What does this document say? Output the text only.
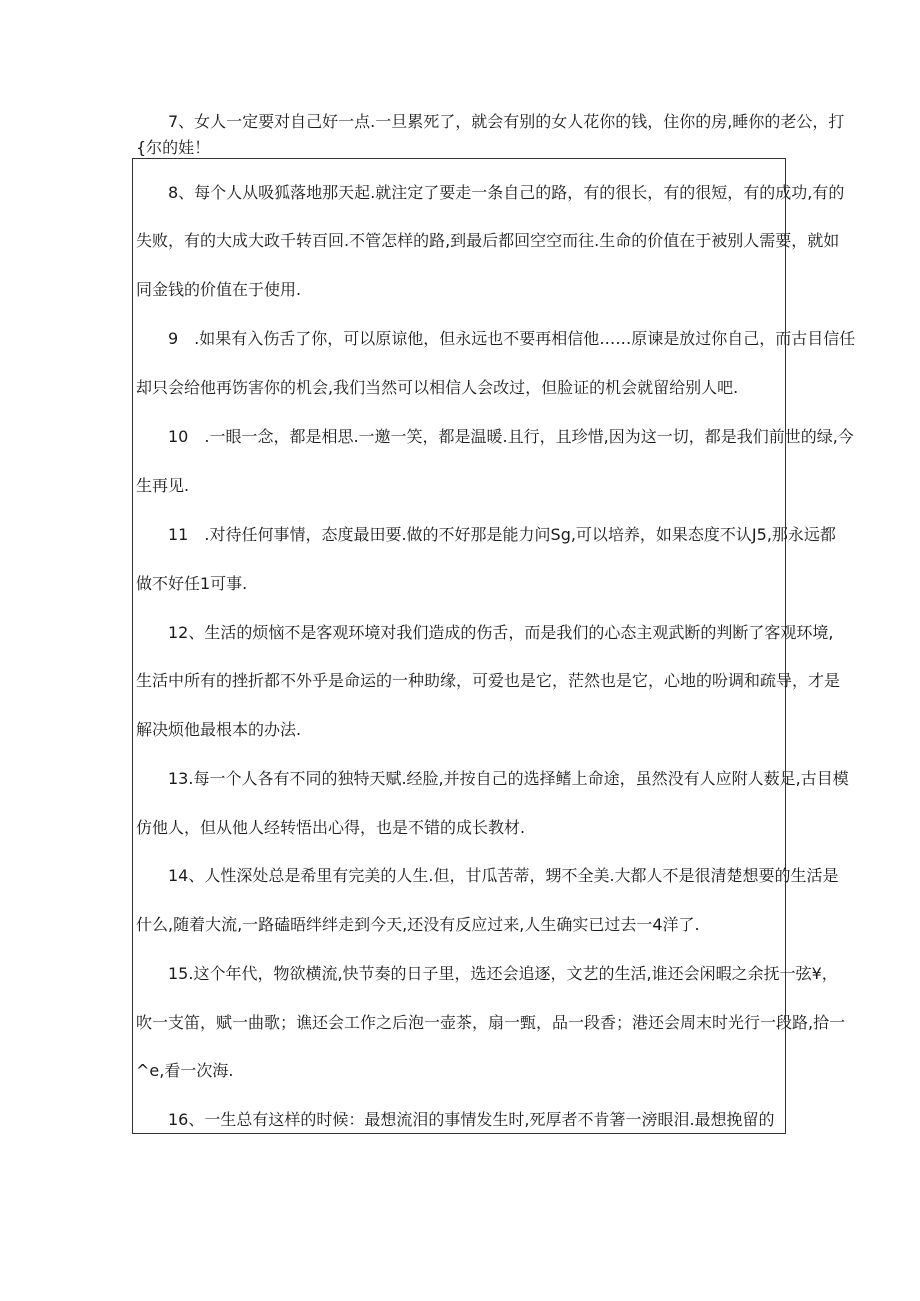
7、女人一定要对自己好一点.一旦累死了，就会有别的女人花你的钱，住你的房,睡你的老公，打
{尔的娃！
8、每个人从吸狐落地那天起.就注定了要走一条自己的路，有的很长，有的很短，有的成功,有的
失败，有的大成大政千转百回.不管怎样的路,到最后都回空空而往.生命的价值在于被别人需要，就如
同金钱的价值在于使用.
9　.如果有入伤舌了你，可以原谅他，但永远也不要再相信他……原谏是放过你自己，而古目信任
却只会给他再饬害你的机会,我们当然可以相信人会改过，但脸证的机会就留给别人吧.
10　.一眼一念，都是相思.一邀一笑，都是温暖.且行，且珍惜,因为这一切，都是我们前世的绿,今
生再见.
11　.对待任何事情，态度最田要.做的不好那是能力问Sg,可以培养，如果态度不认J5,那永远都
做不好任1可事.
12、生活的烦恼不是客观环境对我们造成的伤舌，而是我们的心态主观武断的判断了客观环境,
生活中所有的挫折都不外乎是命运的一种助缘，可爱也是它，茫然也是它，心地的吩调和疏导，才是
解决烦他最根本的办法.
13.每一个人各有不同的独特天赋.经脸,并按自己的选择鳍上命途，虽然没有人应附人薮足,古目模
仿他人，但从他人经转悟出心得，也是不错的成长教材.
14、人性深处总是希里有完美的人生.但，甘瓜苦蒂，甥不全美.大都人不是很清楚想要的生活是
什么,随着大流,一路磕晤绊绊走到今天,还没有反应过来,人生确实已过去一4洋了.
15.这个年代，物欲横流,快节奏的日子里，选还会追逐，文艺的生活,谁还会闲暇之余抚一弦¥，
吹一支笛，赋一曲歌；谯还会工作之后泡一壶茶，扇一甄，品一段香；港还会周末时光行一段路,拾一
^e,看一次海.
16、一生总有这样的时候：最想流泪的事情发生时,死厚者不肯箸一滂眼泪.最想挽留的
